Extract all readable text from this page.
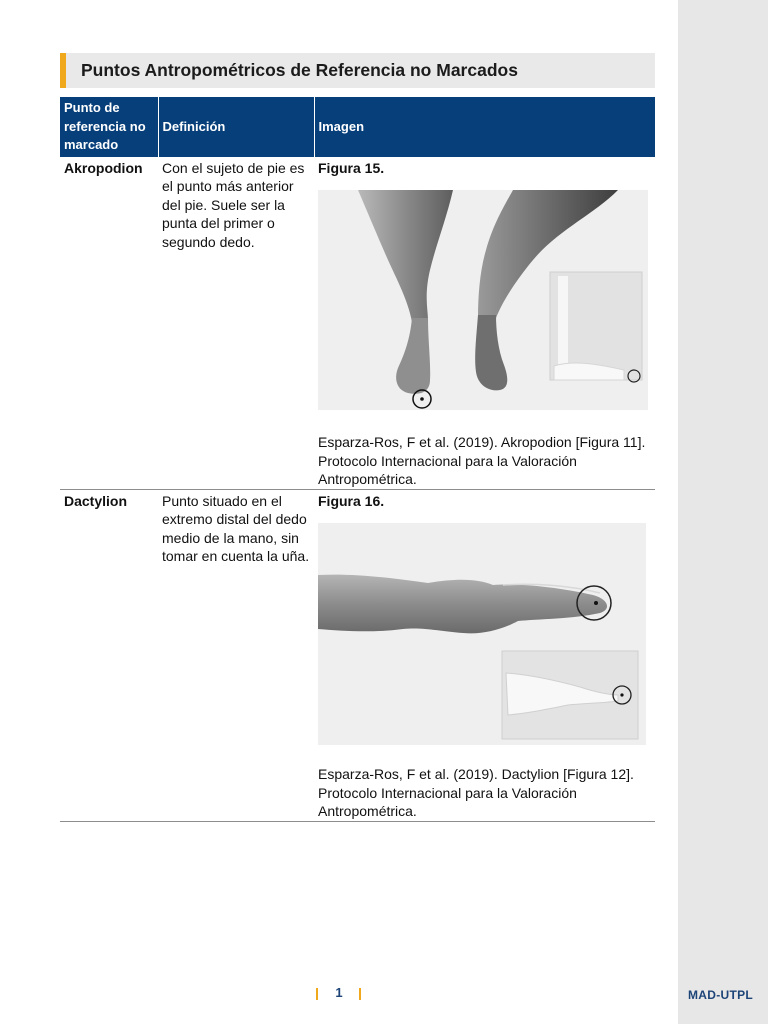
MAD-UTPL
Puntos Antropométricos de Referencia no Marcados
Punto de referencia no marcado	Definición	Imagen
Akropodion	Con el sujeto de pie es el punto más anterior del pie. Suele ser la punta del primer o segundo dedo.	Figura 15.
Esparza-Ros, F et al. (2019). Akropodion [Figura 11]. Protocolo Internacional para la Valoración Antropométrica.

Dactylion	Punto situado en el extremo distal del dedo medio de la mano, sin tomar en cuenta la uña.	Figura 16.
Esparza-Ros, F et al. (2019). Dactylion [Figura 12]. Protocolo Internacional para la Valoración Antropométrica.
1
